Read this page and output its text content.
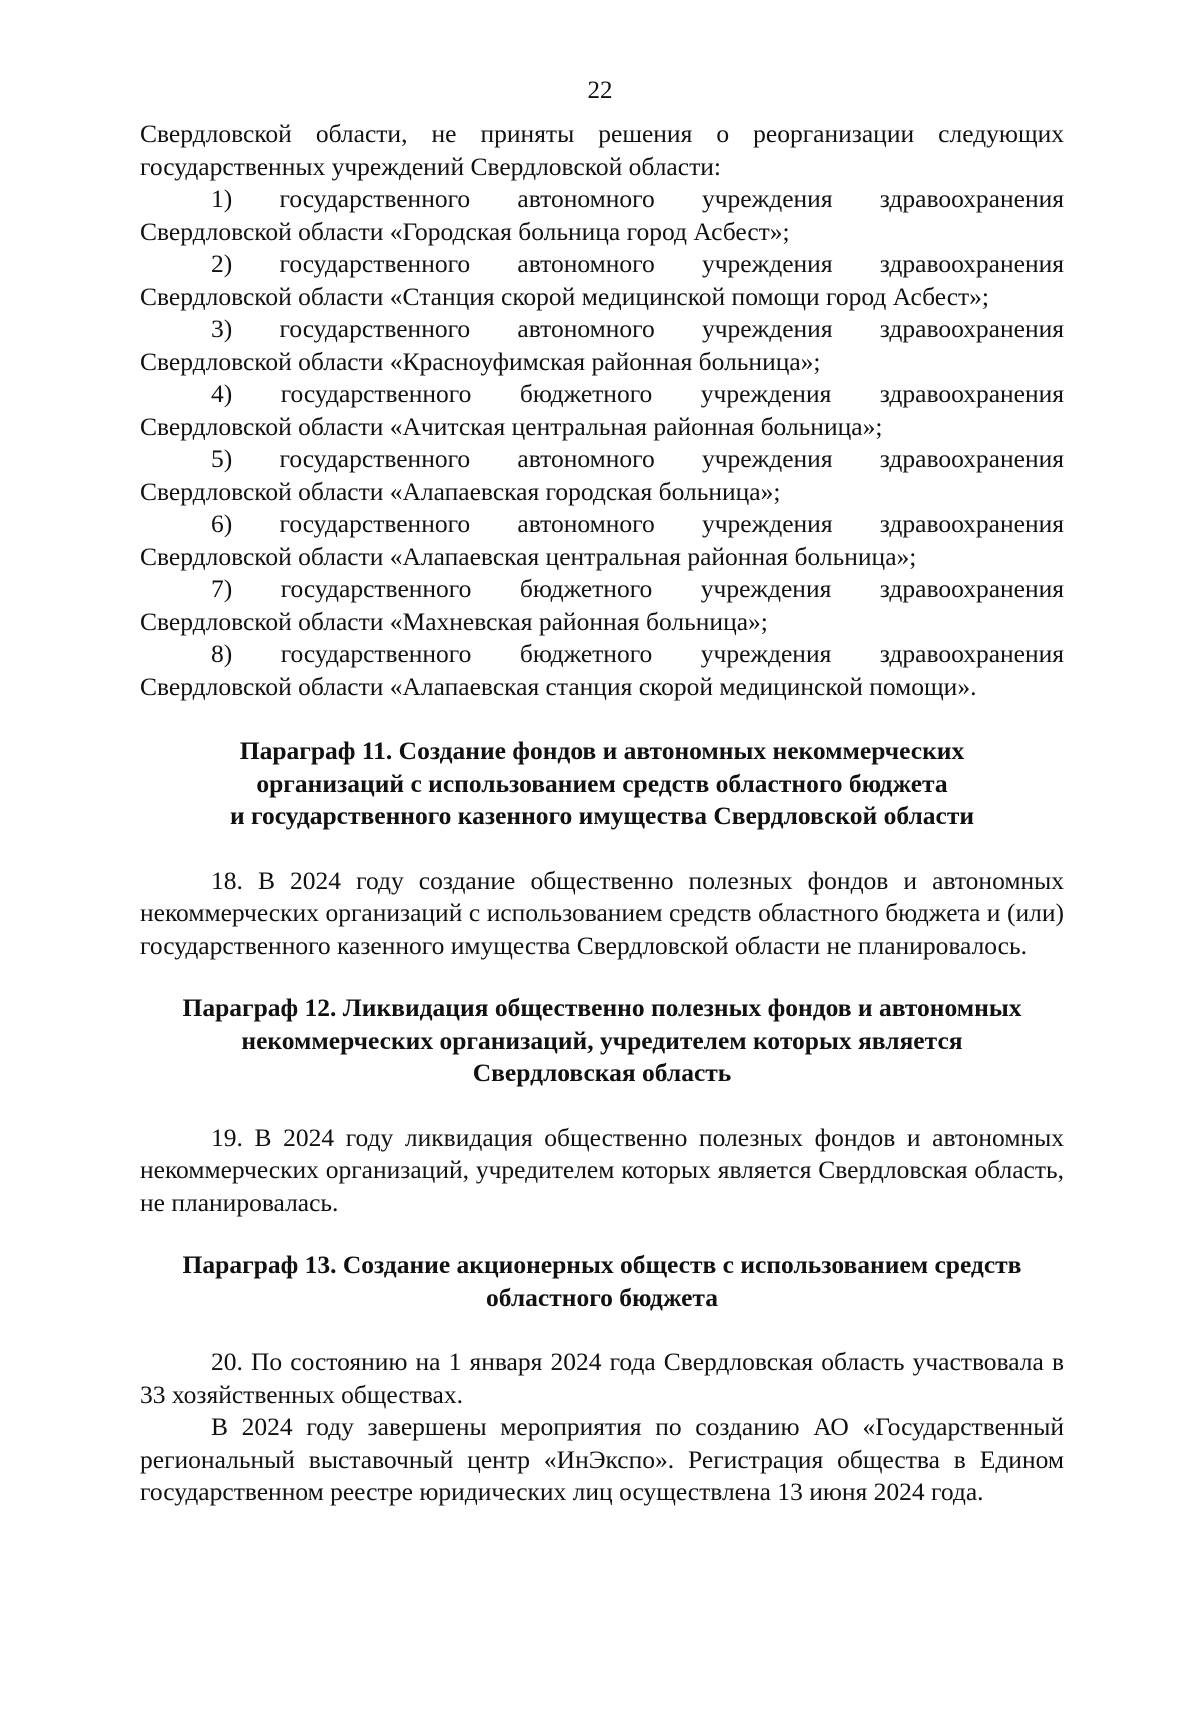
22

Свердловской области, не приняты решения о реорганизации следующих

государственных учреждений Свердловской области:

1) государственного автономного учреждения здравоохранения

Свердловской области «Городская больница город Асбест»;

2) государственного автономного учреждения здравоохранения

Свердловской области «Станция скорой медицинской помощи город Асбест»;

3) государственного автономного учреждения здравоохранения

Свердловской области «Красноуфимская районная больница»;

4) государственного бюджетного учреждения здравоохранения

Свердловской области «Ачитская центральная районная больница»;

5) государственного автономного учреждения здравоохранения

Свердловской области «Алапаевская городская больница»;

6) государственного автономного учреждения здравоохранения

Свердловской области «Алапаевская центральная районная больница»;

7) государственного бюджетного учреждения здравоохранения

Свердловской области «Махневская районная больница»;

8) государственного бюджетного учреждения здравоохранения

Свердловской области «Алапаевская станция скорой медицинской помощи».

Параграф 11. Создание фондов и автономных некоммерческих
организаций с использованием средств областного бюджета
и государственного казенного имущества Свердловской области

18. В 2024 году создание общественно полезных фондов и автономных некоммерческих организаций с использованием средств областного бюджета и (или) государственного казенного имущества Свердловской области не планировалось.

Параграф 12. Ликвидация общественно полезных фондов и автономных
некоммерческих организаций, учредителем которых является
Свердловская область

19. В 2024 году ликвидация общественно полезных фондов и автономных некоммерческих организаций, учредителем которых является Свердловская область, не планировалась.

Параграф 13. Создание акционерных обществ с использованием средств
областного бюджета

20. По состоянию на 1 января 2024 года Свердловская область участвовала в 33 хозяйственных обществах.

В 2024 году завершены мероприятия по созданию АО «Государственный региональный выставочный центр «ИнЭкспо». Регистрация общества в Едином государственном реестре юридических лиц осуществлена 13 июня 2024 года.
